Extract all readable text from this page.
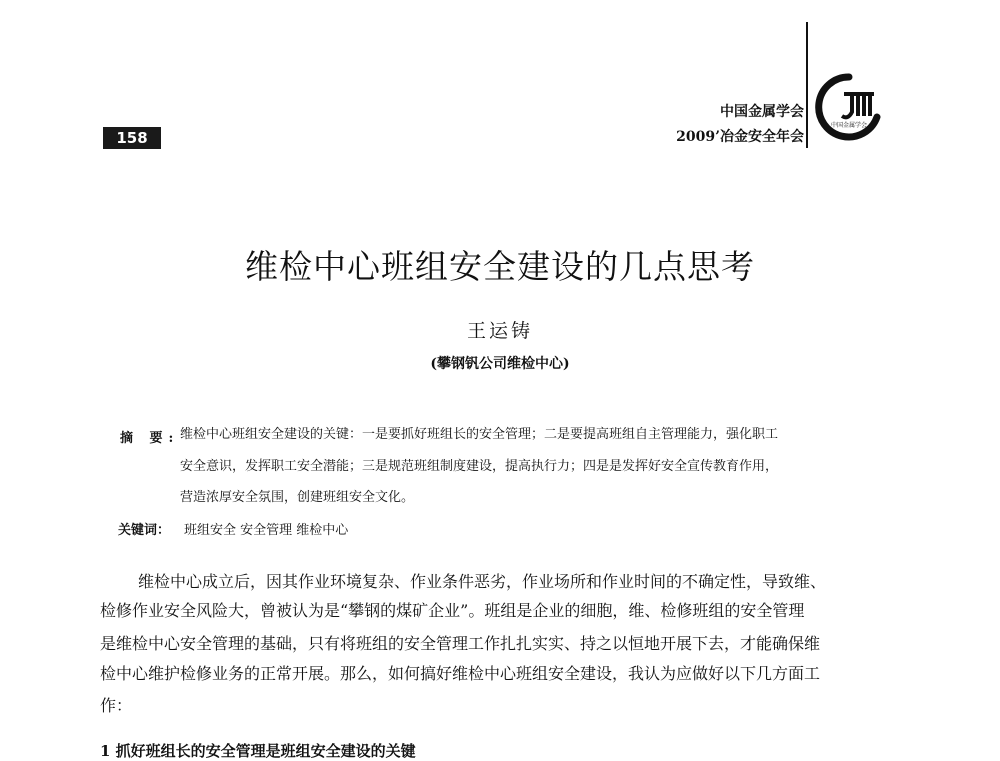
158
中国金属学会
2009’冶金安全年会
中国金属学会
维检中心班组安全建设的几点思考
王运铸
(攀钢钒公司维检中心)
摘 要: 维检中心班组安全建设的关键：一是要抓好班组长的安全管理；二是要提高班组自主管理能力，强化职工
安全意识，发挥职工安全潜能；三是规范班组制度建设，提高执行力；四是是发挥好安全宣传教育作用，
营造浓厚安全氛围，创建班组安全文化。
关键词： 班组安全 安全管理 维检中心
维检中心成立后，因其作业环境复杂、作业条件恶劣，作业场所和作业时间的不确定性，导致维、
检修作业安全风险大，曾被认为是“攀钢的煤矿企业”。班组是企业的细胞，维、检修班组的安全管理
是维检中心安全管理的基础，只有将班组的安全管理工作扎扎实实、持之以恒地开展下去，才能确保维
检中心维护检修业务的正常开展。那么，如何搞好维检中心班组安全建设，我认为应做好以下几方面工
作：
1 抓好班组长的安全管理是班组安全建设的关键
